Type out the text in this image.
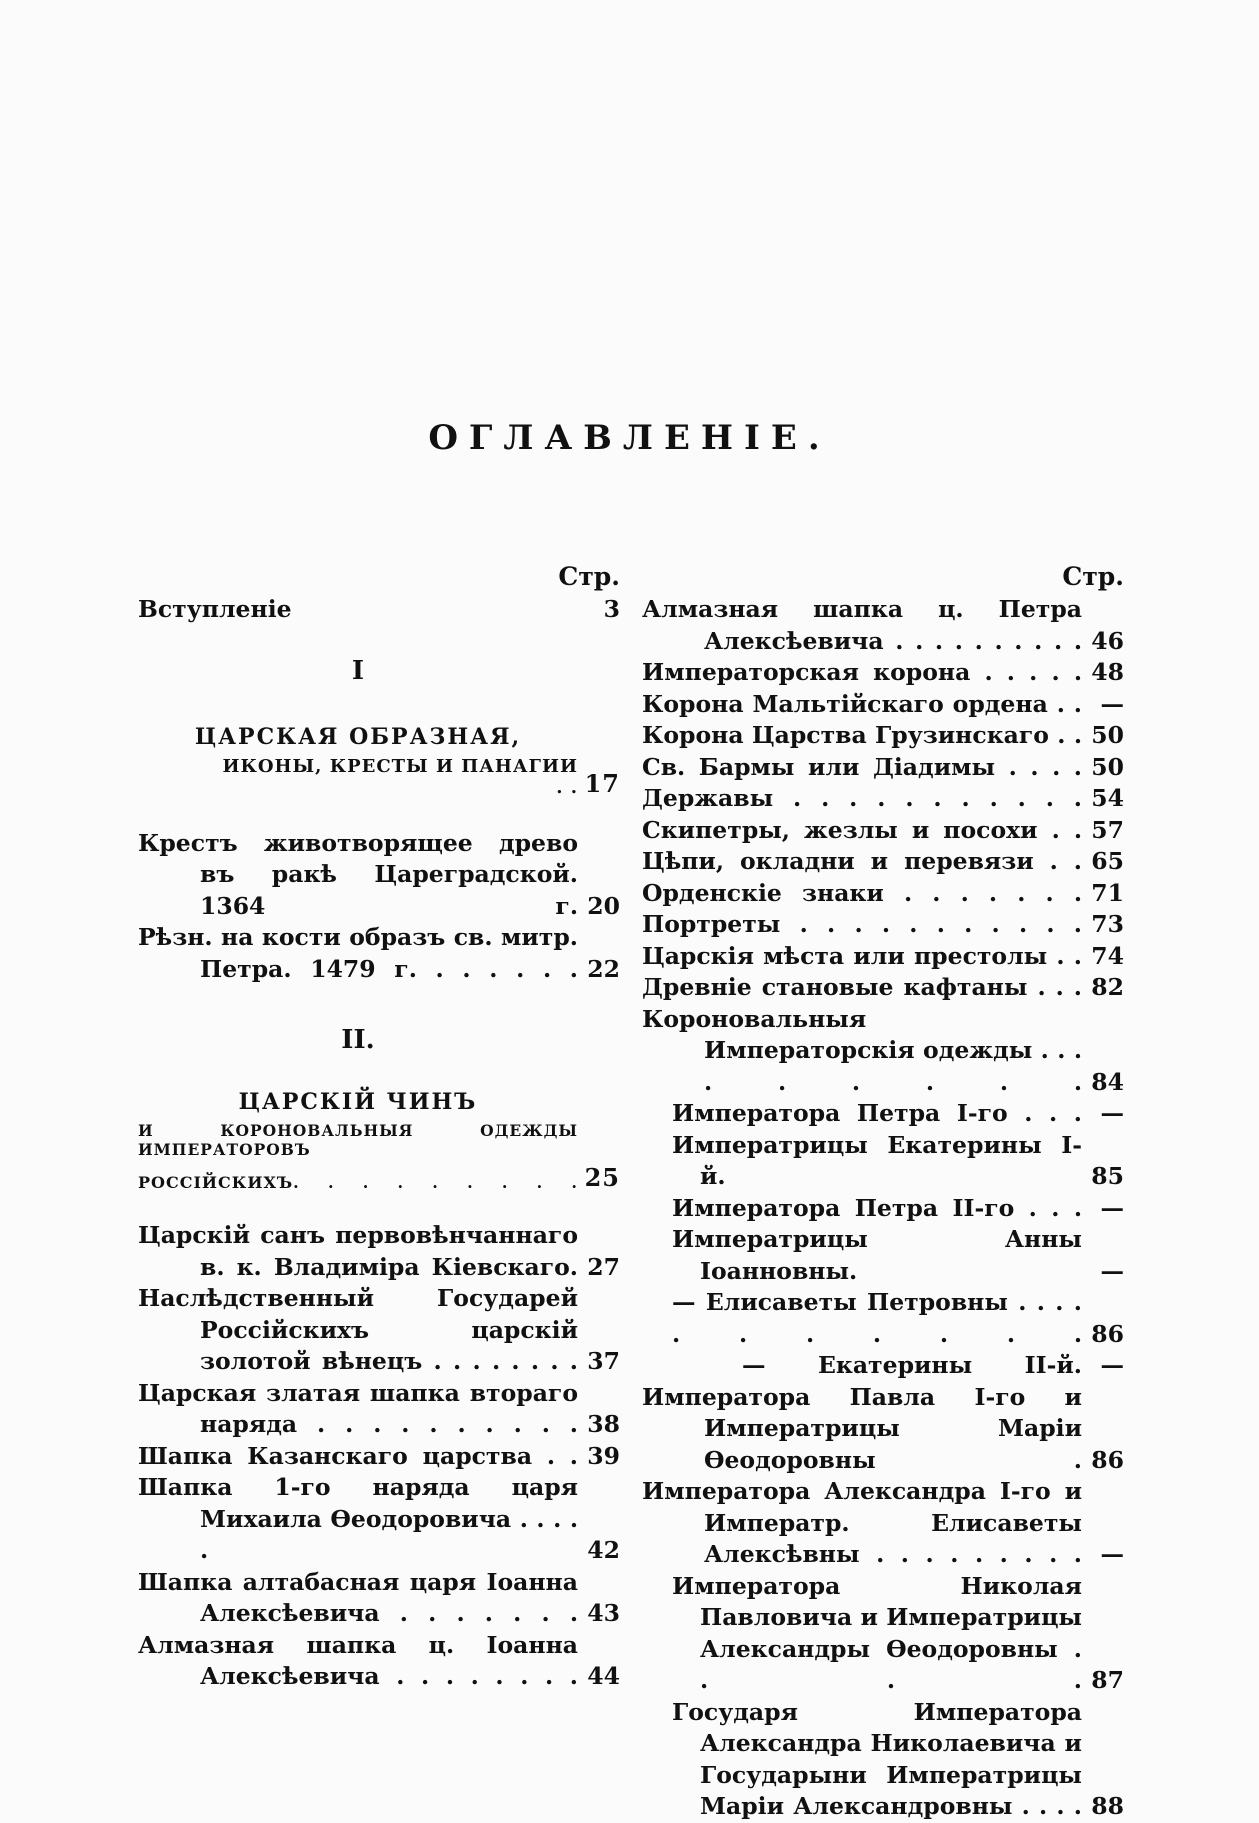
ОГЛАВЛЕНІЕ.
Стр.
Вступленіе	3
I
ЦАРСКАЯ ОБРАЗНАЯ,
ИКОНЫ, КРЕСТЫ И ПАНАГИИ . . 17
Крестъ животворящее древо въ ракѣ Цареградской. 1364 г. 20
Рѣзн. на кости образъ св. митр. Петра. 1479 г. . . . . . . 22
II.
ЦАРСКІЙ ЧИНЪ
И КОРОНОВАЛЬНЫЯ ОДЕЖДЫ ИМПЕРАТОРОВЪ
РОССІЙСКИХЪ. . . . . . . . . 25
Царскій санъ первовѣнчаннаго в. к. Владиміра Кіевскаго. 27
Наслѣдственный Государей Россійскихъ царскій золотой вѣнецъ . . . . . . . . 37
Царская златая шапка втораго наряда . . . . . . . . . . 38
Шапка Казанскаго царства . . 39
Шапка 1-го наряда царя Михаила Ѳеодоровича . . . . .	42
Шапка алтабасная царя Іоанна Алексѣевича . . . . . . . 43
Алмазная шапка ц. Іоанна Алексѣевича . . . . . . . . 44
Стр.
Алмазная шапка ц. Петра Алексѣевича . . . . . . . . . . 46
Императорская корона . . . . . 48
Корона Мальтійскаго ордена . . —
Корона Царства Грузинскаго . . 50
Св. Бармы или Діадимы . . . . 50
Державы . . . . . . . . . . . 54
Скипетры, жезлы и посохи . . 57
Цѣпи, окладни и перевязи . . 65
Орденскіе знаки . . . . . . . 71
Портреты . . . . . . . . . . . 73
Царскія мѣста или престолы . . 74
Древніе становые кафтаны . . . 82
Короновальныя Императорскія одежды . . . . . . . . . 84
Императора Петра I-го . . . —
Императрицы Екатерины I-й.	85
Императора Петра II-го . . . —
Императрицы Анны Іоанновны.	—
— Елисаветы Петровны . . . . . . . . . . . 86
— Екатерины II-й. —
Императора Павла I-го и Императрицы Маріи Ѳеодоровны . 86
Императора Александра I-го и Императр. Елисаветы Алексѣвны . . . . . . . . . —
Императора Николая Павловича и Императрицы Александры Ѳеодоровны . . . . 87
Государя Императора Александра Николаевича и Государыни Императрицы Маріи Александровны . . . . 88
